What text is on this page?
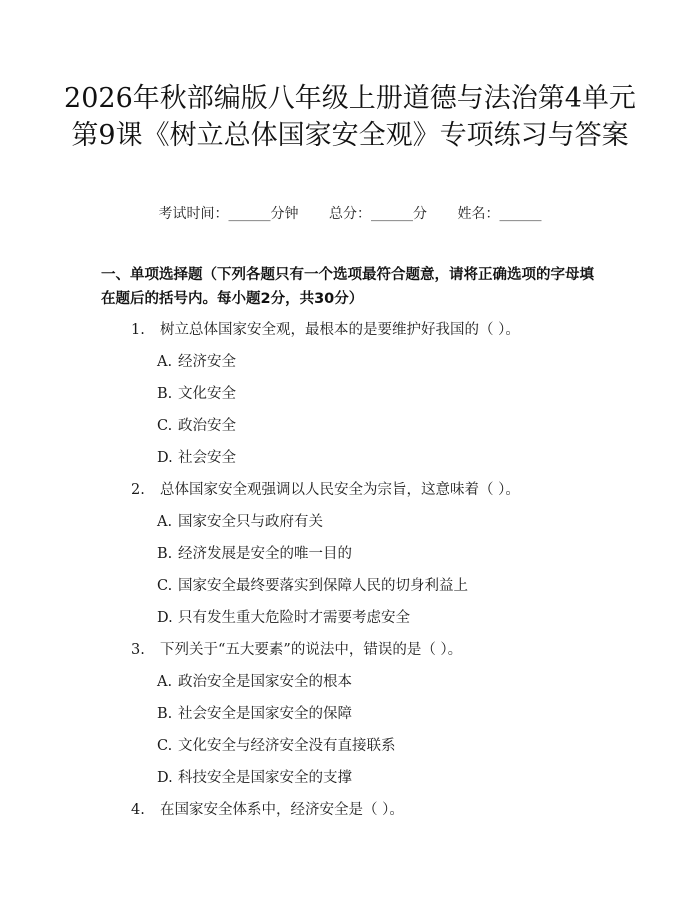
2026年秋部编版八年级上册道德与法治第4单元第9课《树立总体国家安全观》专项练习与答案
考试时间：______分钟 总分：______分 姓名：______

一、单项选择题（下列各题只有一个选项最符合题意，请将正确选项的字母填在题后的括号内。每小题2分，共30分）

1. 树立总体国家安全观，最根本的是要维护好我国的（ ）。
A. 经济安全
B. 文化安全
C. 政治安全
D. 社会安全
2. 总体国家安全观强调以人民安全为宗旨，这意味着（ ）。
A. 国家安全只与政府有关
B. 经济发展是安全的唯一目的
C. 国家安全最终要落实到保障人民的切身利益上
D. 只有发生重大危险时才需要考虑安全
3. 下列关于“五大要素”的说法中，错误的是（ ）。
A. 政治安全是国家安全的根本
B. 社会安全是国家安全的保障
C. 文化安全与经济安全没有直接联系
D. 科技安全是国家安全的支撑
4. 在国家安全体系中，经济安全是（ ）。
